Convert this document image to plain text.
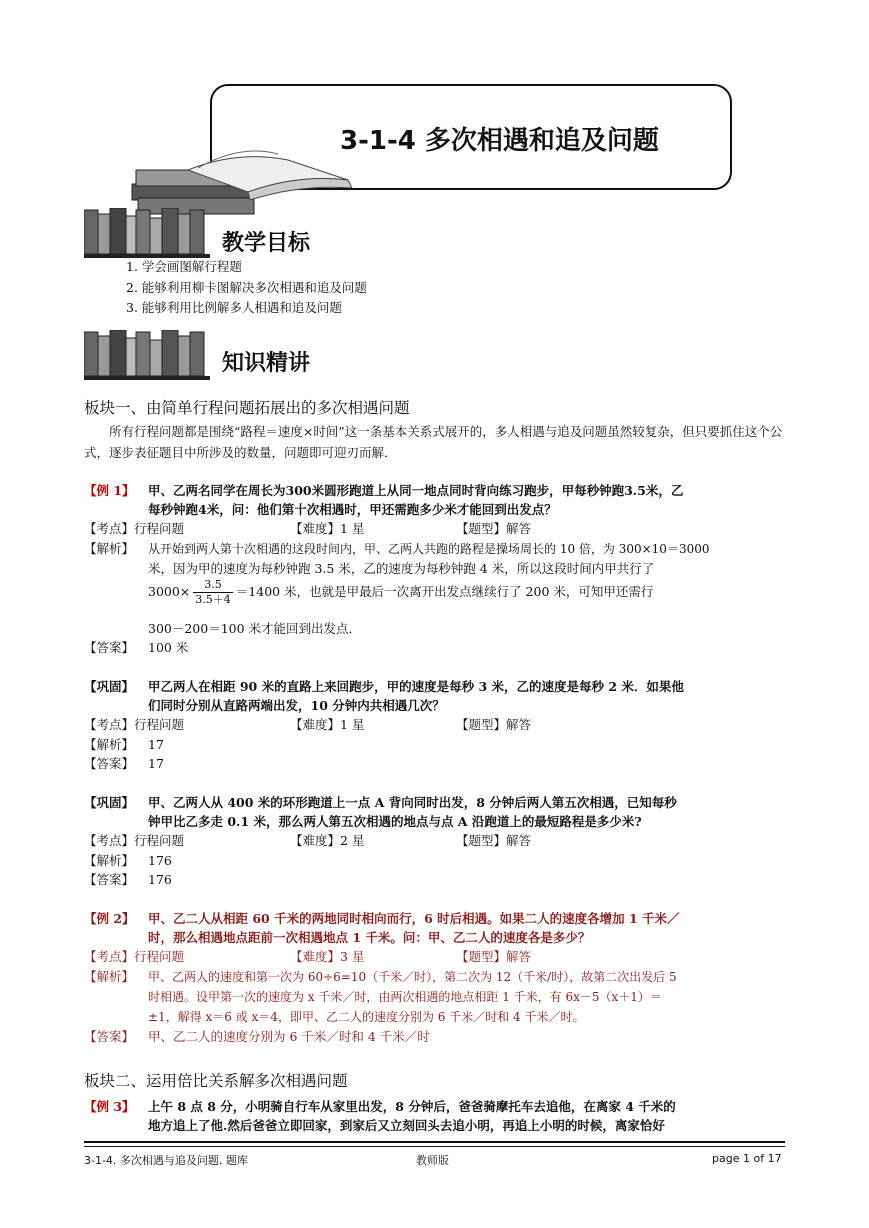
3-1-4 多次相遇和追及问题
教学目标
1. 学会画图解行程题
2. 能够利用柳卡图解决多次相遇和追及问题
3. 能够利用比例解多人相遇和追及问题
知识精讲
板块一、由简单行程问题拓展出的多次相遇问题
所有行程问题都是围绕“路程＝速度×时间”这一条基本关系式展开的，多人相遇与追及问题虽然较复杂，但只要抓住这个公式，逐步表征题目中所涉及的数量，问题即可迎刃而解．
【例 1】 甲、乙两名同学在周长为300米圆形跑道上从同一地点同时背向练习跑步，甲每秒钟跑3.5米，乙
每秒钟跑4米，问：他们第十次相遇时，甲还需跑多少米才能回到出发点？
【考点】行程问题	【难度】1 星	【题型】解答
【解析】 从开始到两人第十次相遇的这段时间内，甲、乙两人共跑的路程是操场周长的 10 倍，为 300×10＝3000
米，因为甲的速度为每秒钟跑 3.5 米，乙的速度为每秒钟跑 4 米，所以这段时间内甲共行了
$3000\times \frac{3.5}{3.5+4} =1400$ 米，也就是甲最后一次离开出发点继续行了 200 米，可知甲还需行
300－200＝100 米才能回到出发点．
【答案】 100 米
【巩固】 甲乙两人在相距 90 米的直路上来回跑步，甲的速度是每秒 3 米，乙的速度是每秒 2 米．如果他
们同时分别从直路两端出发，10 分钟内共相遇几次？
【考点】行程问题	【难度】1 星	【题型】解答
【解析】 17
【答案】 17
【巩固】 甲、乙两人从 400 米的环形跑道上一点 A 背向同时出发，8 分钟后两人第五次相遇，已知每秒
钟甲比乙多走 0.1 米，那么两人第五次相遇的地点与点 A 沿跑道上的最短路程是多少米?
【考点】行程问题	【难度】2 星	【题型】解答
【解析】 176
【答案】 176
【例 2】 甲、乙二人从相距 60 千米的两地同时相向而行，6 时后相遇。如果二人的速度各增加 1 千米／
时，那么相遇地点距前一次相遇地点 1 千米。问：甲、乙二人的速度各是多少？
【考点】行程问题	【难度】3 星	【题型】解答
【解析】 甲、乙两人的速度和第一次为 60÷6=10（千米／时），第二次为 12（千米/时），故第二次出发后 5
时相遇。设甲第一次的速度为 x 千米／时，由两次相遇的地点相距 1 千米，有 6x－5（x＋1）＝
±1，解得 x＝6 或 x＝4，即甲、乙二人的速度分别为 6 千米／时和 4 千米／时。
【答案】 甲、乙二人的速度分别为 6 千米／时和 4 千米／时
板块二、运用倍比关系解多次相遇问题
【例 3】 上午 8 点 8 分，小明骑自行车从家里出发，8 分钟后，爸爸骑摩托车去追他，在离家 4 千米的
地方追上了他.然后爸爸立即回家，到家后又立刻回头去追小明，再追上小明的时候，离家恰好
3-1-4. 多次相遇与追及问题. 题库	教师版	page 1 of 17
